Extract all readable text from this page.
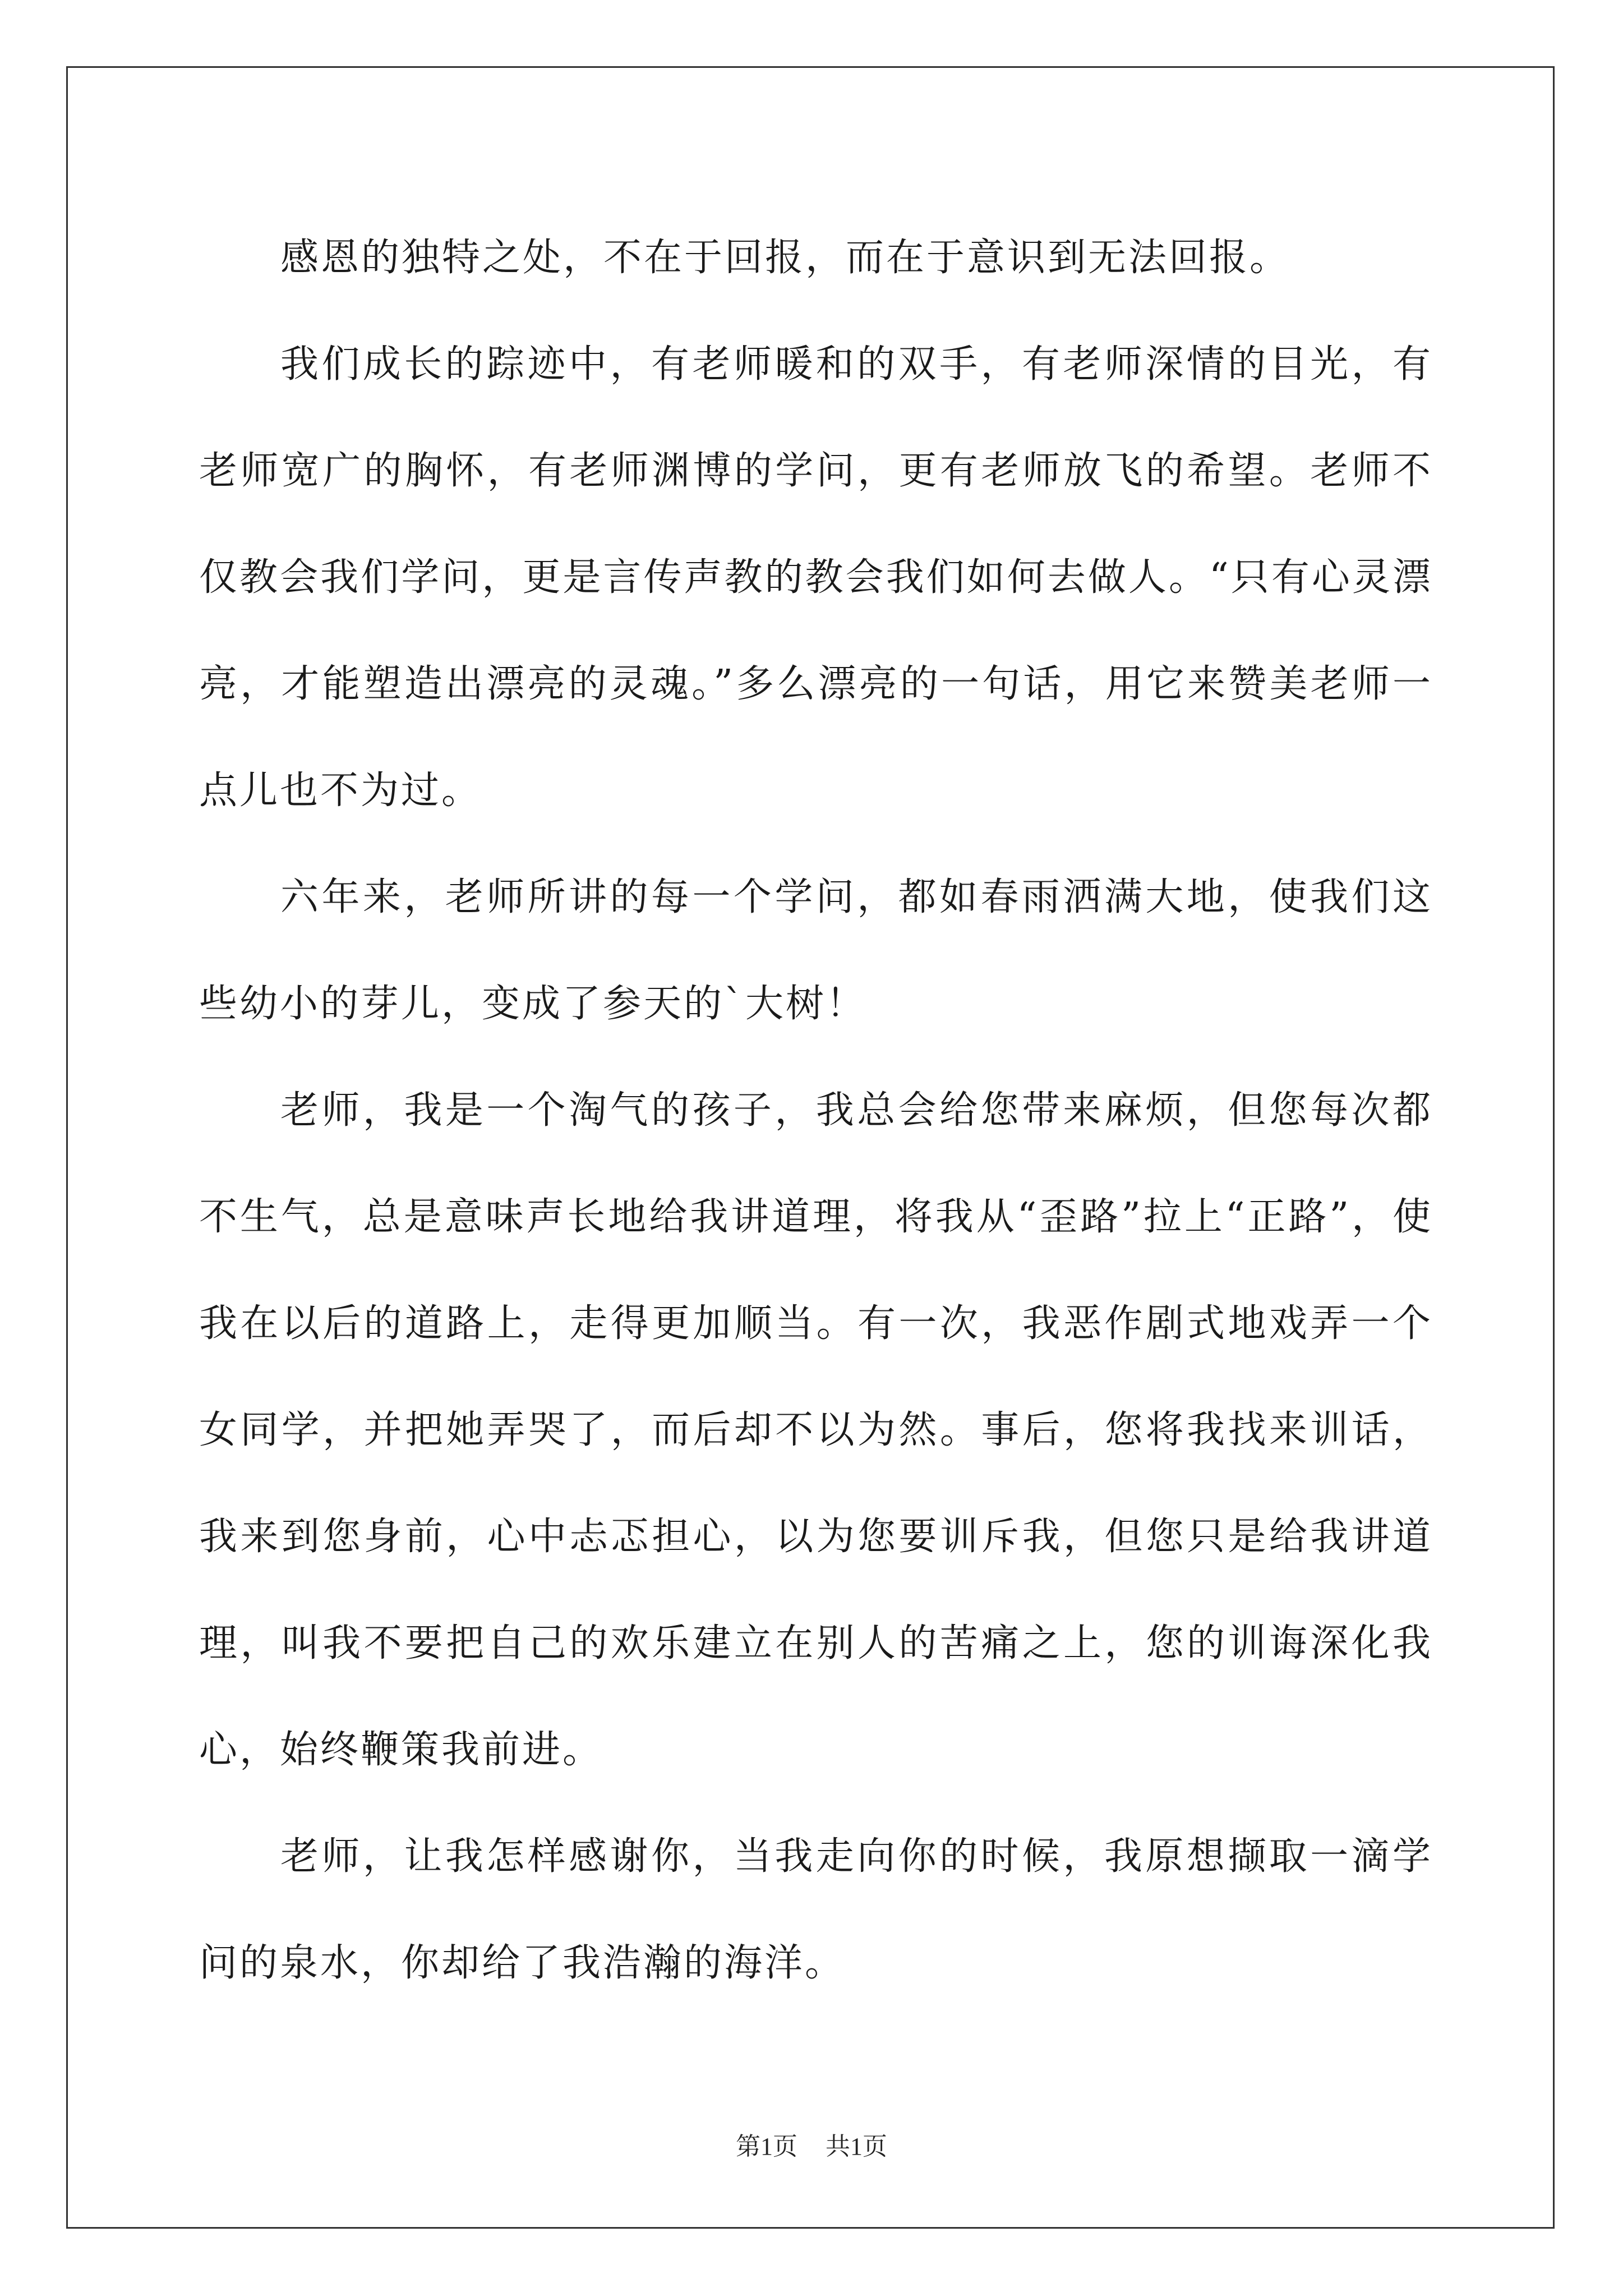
感恩的独特之处，不在于回报，而在于意识到无法回报。

我们成长的踪迹中，有老师暖和的双手，有老师深情的目光，有老师宽广的胸怀，有老师渊博的学问，更有老师放飞的希望。老师不仅教会我们学问，更是言传声教的教会我们如何去做人。“只有心灵漂亮，才能塑造出漂亮的灵魂。”多么漂亮的一句话，用它来赞美老师一点儿也不为过。

六年来，老师所讲的每一个学问，都如春雨洒满大地，使我们这些幼小的芽儿，变成了参天的`大树！

老师，我是一个淘气的孩子，我总会给您带来麻烦，但您每次都不生气，总是意味声长地给我讲道理，将我从“歪路”拉上“正路”，使我在以后的道路上，走得更加顺当。有一次，我恶作剧式地戏弄一个女同学，并把她弄哭了，而后却不以为然。事后，您将我找来训话，我来到您身前，心中忐忑担心，以为您要训斥我，但您只是给我讲道理，叫我不要把自己的欢乐建立在别人的苦痛之上，您的训诲深化我心，始终鞭策我前进。

老师，让我怎样感谢你，当我走向你的时候，我原想撷取一滴学问的泉水，你却给了我浩瀚的海洋。

第1页 共1页
